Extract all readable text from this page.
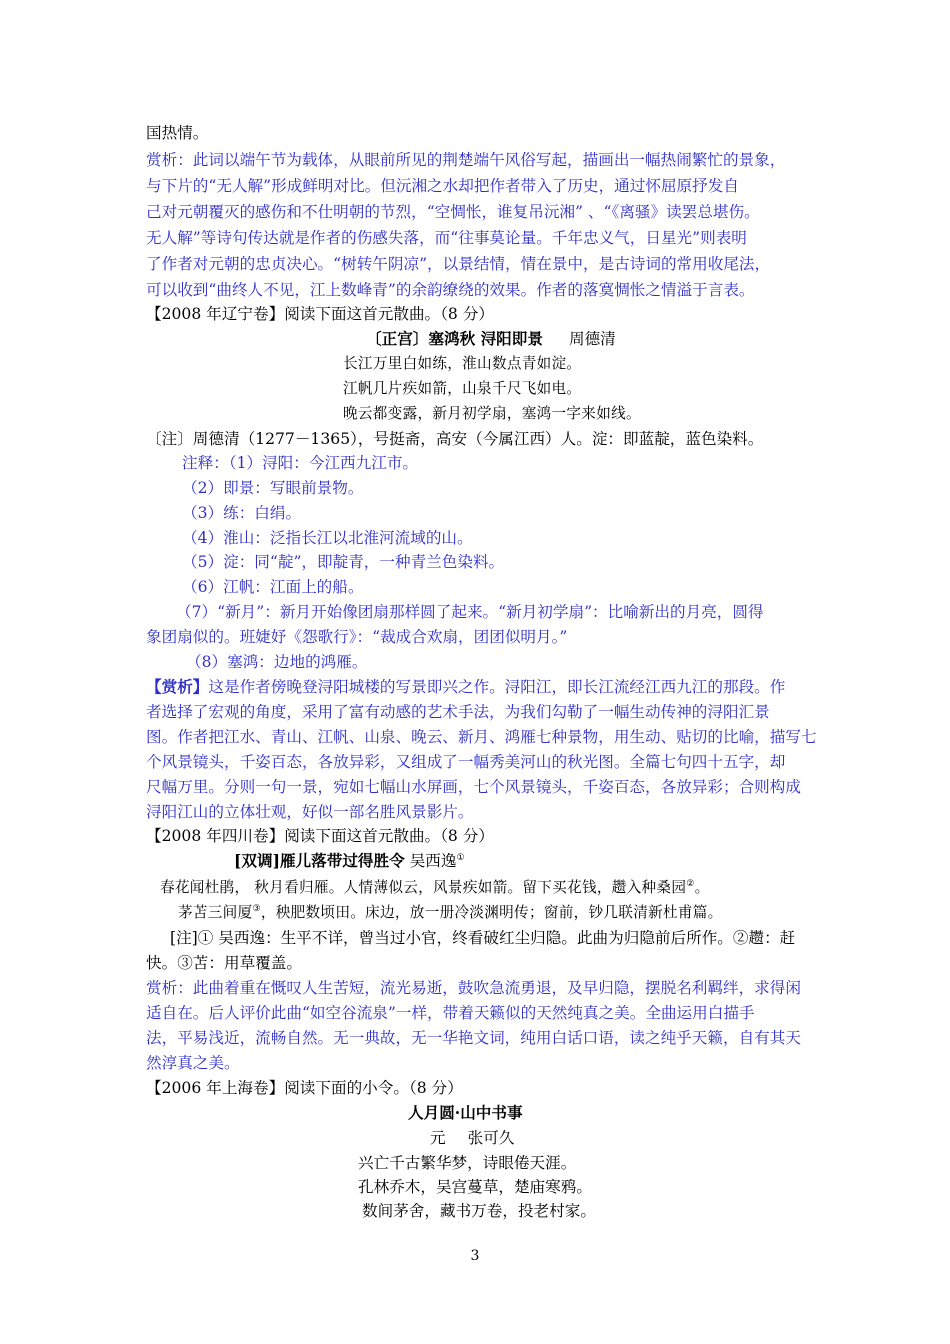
国热情。
赏析：此词以端午节为载体，从眼前所见的荆楚端午风俗写起，描画出一幅热闹繁忙的景象，
与下片的“无人解”形成鲜明对比。但沅湘之水却把作者带入了历史，通过怀屈原抒发自
己对元朝覆灭的感伤和不仕明朝的节烈，“空惆怅，谁复吊沅湘” 、“《离骚》读罢总堪伤。
无人解”等诗句传达就是作者的伤感失落，而“往事莫论量。千年忠义气，日星光”则表明
了作者对元朝的忠贞决心。“树转午阴凉”，以景结情，情在景中，是古诗词的常用收尾法，
可以收到“曲终人不见，江上数峰青”的余韵缭绕的效果。作者的落寞惆怅之情溢于言表。
【2008 年辽宁卷】阅读下面这首元散曲。（8 分）
〔正宫〕塞鸿秋 浔阳即景 周德清
长江万里白如练，淮山数点青如淀。
江帆几片疾如箭，山泉千尺飞如电。
晚云都变露，新月初学扇，塞鸿一字来如线。
〔注〕周德清（1277－1365），号挺斋，高安（今属江西）人。淀：即蓝靛，蓝色染料。
注释：（1）浔阳：今江西九江市。
（2）即景：写眼前景物。
（3）练：白绢。
（4）淮山：泛指长江以北淮河流域的山。
（5）淀：同“靛”，即靛青，一种青兰色染料。
（6）江帆：江面上的船。
（7）“新月”：新月开始像团扇那样圆了起来。“新月初学扇”：比喻新出的月亮，圆得
象团扇似的。班婕妤《怨歌行》：“裁成合欢扇，团团似明月。”
（8）塞鸿：边地的鸿雁。
【赏析】这是作者傍晚登浔阳城楼的写景即兴之作。浔阳江，即长江流经江西九江的那段。作
者选择了宏观的角度，采用了富有动感的艺术手法，为我们勾勒了一幅生动传神的浔阳汇景
图。作者把江水、青山、江帆、山泉、晚云、新月、鸿雁七种景物，用生动、贴切的比喻，描写七
个风景镜头，千姿百态，各放异彩，又组成了一幅秀美河山的秋光图。全篇七句四十五字，却
尺幅万里。分则一句一景，宛如七幅山水屏画，七个风景镜头，千姿百态，各放异彩；合则构成
浔阳江山的立体壮观，好似一部名胜风景影片。
【2008 年四川卷】阅读下面这首元散曲。（8 分）
[双调]雁儿落带过得胜令 吴西逸①
春花闻杜鹃， 秋月看归雁。人情薄似云，风景疾如箭。留下买花钱，趱入种桑园②。
茅苫三间厦③，秧肥数顷田。床边，放一册冷淡渊明传；窗前，钞几联清新杜甫篇。
[注]① 吴西逸：生平不详，曾当过小官，终看破红尘归隐。此曲为归隐前后所作。②趱：赶
快。③苫：用草覆盖。
赏析：此曲着重在慨叹人生苦短，流光易逝，鼓吹急流勇退，及早归隐，摆脱名利羁绊，求得闲
适自在。后人评价此曲“如空谷流泉”一样，带着天籁似的天然纯真之美。全曲运用白描手
法，平易浅近，流畅自然。无一典故，无一华艳文词，纯用白话口语，读之纯乎天籁，自有其天
然淳真之美。
【2006 年上海卷】阅读下面的小令。（8 分）
人月圆·山中书事
元 张可久
兴亡千古繁华梦，诗眼倦天涯。
孔林乔木，吴宫蔓草，楚庙寒鸦。
数间茅舍，藏书万卷，投老村家。
3
